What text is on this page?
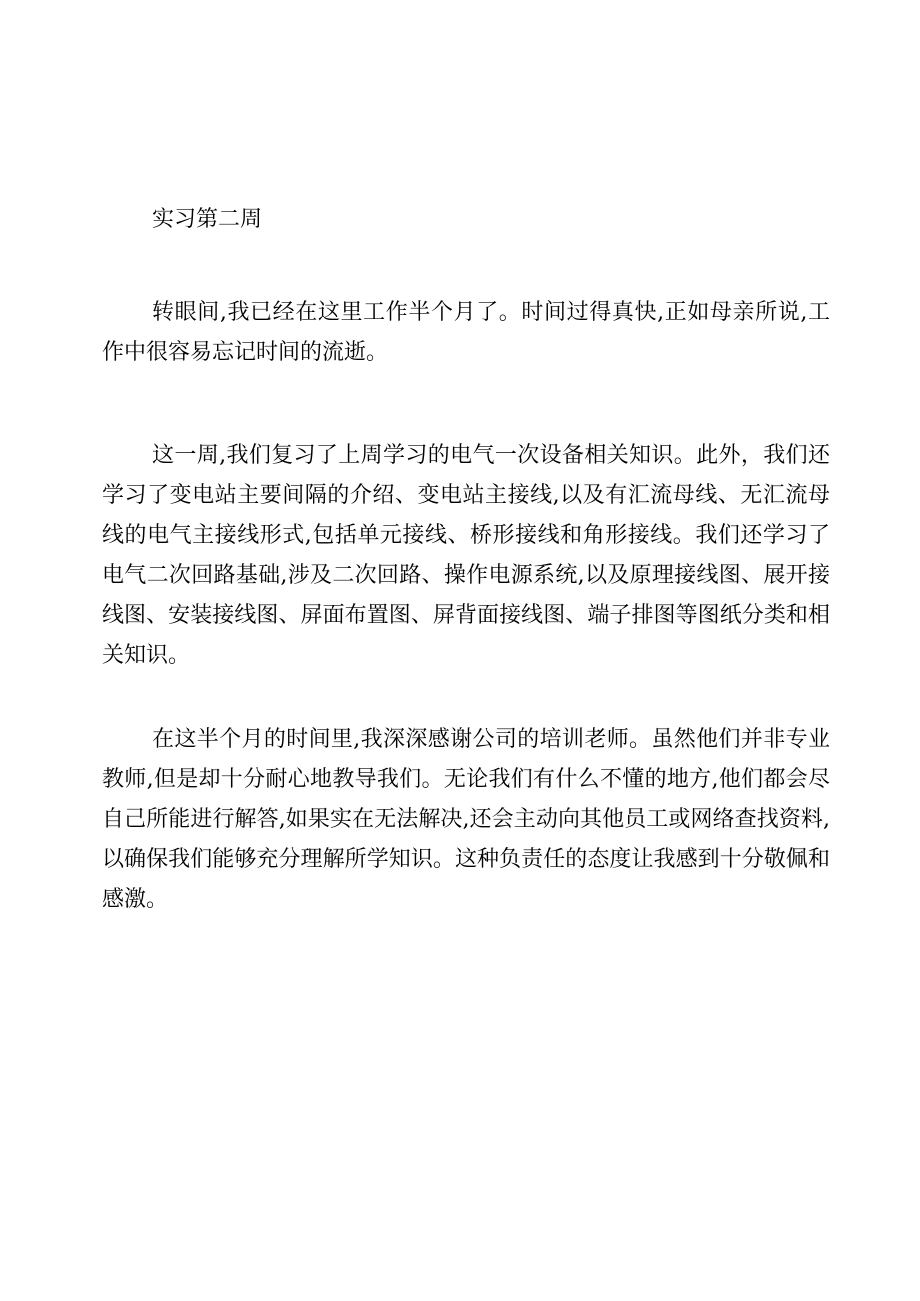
实习第二周
转眼间,我已经在这里工作半个月了。时间过得真快,正如母亲所说,工作中很容易忘记时间的流逝。
这一周,我们复习了上周学习的电气一次设备相关知识。此外，我们还学习了变电站主要间隔的介绍、变电站主接线,以及有汇流母线、无汇流母线的电气主接线形式,包括单元接线、桥形接线和角形接线。我们还学习了电气二次回路基础,涉及二次回路、操作电源系统,以及原理接线图、展开接线图、安装接线图、屏面布置图、屏背面接线图、端子排图等图纸分类和相关知识。
在这半个月的时间里,我深深感谢公司的培训老师。虽然他们并非专业教师,但是却十分耐心地教导我们。无论我们有什么不懂的地方,他们都会尽自己所能进行解答,如果实在无法解决,还会主动向其他员工或网络查找资料,以确保我们能够充分理解所学知识。这种负责任的态度让我感到十分敬佩和感激。
